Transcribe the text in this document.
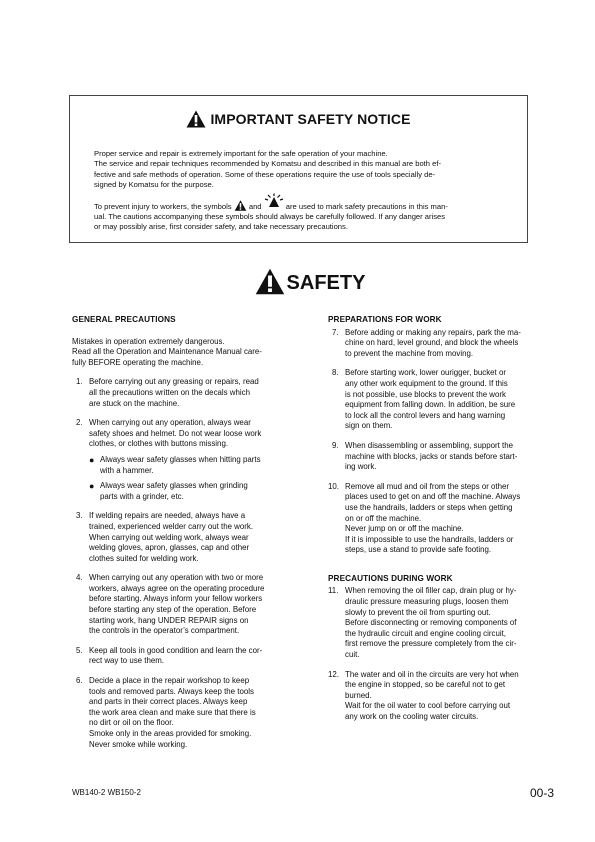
IMPORTANT SAFETY NOTICE

Proper service and repair is extremely important for the safe operation of your machine.

The service and repair techniques recommended by Komatsu and described in this manual are both ef-

fective and safe methods of operation. Some of these operations require the use of tools specially de-

signed by Komatsu for the purpose.

To prevent injury to workers, the symbols and	are used to mark safety precautions in this man-

ual. The cautions accompanying these symbols should always be carefully followed. If any danger arises

or may possibly arise, first consider safety, and take necessary precautions.

SAFETY
GENERAL PRECAUTIONS

Mistakes in operation extremely dangerous.

Read all the Operation and Maintenance Manual care-

fully BEFORE operating the machine.

1. Before carrying out any greasing or repairs, read
all the precautions written on the decals which
are stuck on the machine.
2. When carrying out any operation, always wear
safety shoes and helmet. Do not wear loose work
clothes, or clothes with buttons missing.
● Always wear safety glasses when hitting parts
with a hammer.
● Always wear safety glasses when grinding
parts with a grinder, etc.
3. If welding repairs are needed, always have a
trained, experienced welder carry out the work.
When carrying out welding work, always wear
welding gloves, apron, glasses, cap and other
clothes suited for welding work.
4. When carrying out any operation with two or more
workers, always agree on the operating procedure
before starting. Always inform your fellow workers
before starting any step of the operation. Before
starting work, hang UNDER REPAIR signs on
the controls in the operator’s compartment.
5. Keep all tools in good condition and learn the cor-
rect way to use them.
6. Decide a place in the repair workshop to keep
tools and removed parts. Always keep the tools
and parts in their correct places. Always keep
the work area clean and make sure that there is
no dirt or oil on the floor.
Smoke only in the areas provided for smoking.
Never smoke while working.
PREPARATIONS FOR WORK
7. Before adding or making any repairs, park the ma-
chine on hard, level ground, and block the wheels
to prevent the machine from moving.
8. Before starting work, lower ourigger, bucket or
any other work equipment to the ground. If this
is not possible, use blocks to prevent the work
equipment from falling down. In addition, be sure
to lock all the control levers and hang warning
sign on them.
9. When disassembling or assembling, support the
machine with blocks, jacks or stands before start-
ing work.
10. Remove all mud and oil from the steps or other
places used to get on and off the machine. Always
use the handrails, ladders or steps when getting
on or off the machine.
Never jump on or off the machine.
If it is impossible to use the handrails, ladders or
steps, use a stand to provide safe footing.
PRECAUTIONS DURING WORK
11. When removing the oil filler cap, drain plug or hy-
draulic pressure measuring plugs, loosen them
slowly to prevent the oil from spurting out.
Before disconnecting or removing components of
the hydraulic circuit and engine cooling circuit,
first remove the pressure completely from the cir-
cuit.
12. The water and oil in the circuits are very hot when
the engine in stopped, so be careful not to get
burned.
Wait for the oil water to cool before carrying out
any work on the cooling water circuits.
WB140-2 WB150-2	00-3
